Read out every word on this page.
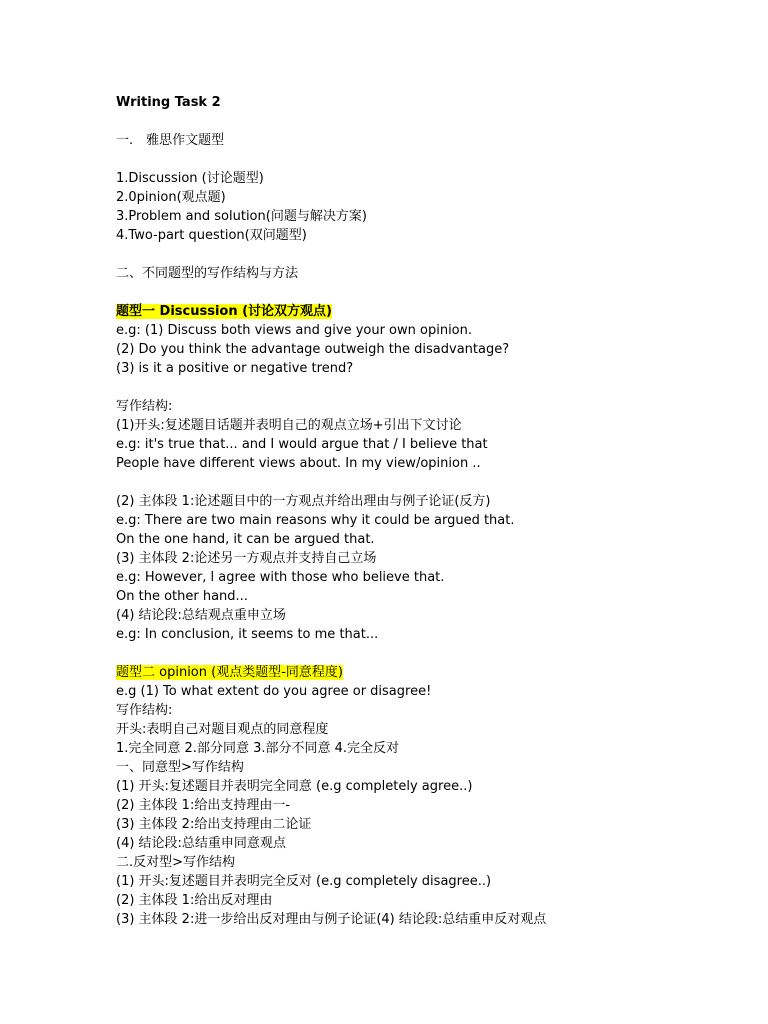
Writing Task 2
一.　雅思作文题型
1.Discussion (讨论题型)
2.0pinion(观点题)
3.Problem and solution(问题与解决方案)
4.Two-part question(双问题型)
二、不同题型的写作结构与方法
题型一 Discussion (讨论双方观点)
e.g: (1) Discuss both views and give your own opinion.
(2) Do you think the advantage outweigh the disadvantage?
(3) is it a positive or negative trend?
写作结构:
(1)开头:复述题目话题并表明自己的观点立场+引出下文讨论
e.g: it's true that... and I would argue that / I believe that
People have different views about. In my view/opinion ..
(2) 主体段 1:论述题目中的一方观点并给出理由与例子论证(反方)
e.g: There are two main reasons why it could be argued that.
On the one hand, it can be argued that.
(3) 主体段 2:论述另一方观点并支持自己立场
e.g: However, l agree with those who believe that.
On the other hand...
(4) 结论段:总结观点重申立场
e.g: In conclusion, it seems to me that...
题型二 opinion (观点类题型-同意程度)
e.g (1) To what extent do you agree or disagree!
写作结构:
开头:表明自己对题目观点的同意程度
1.完全同意 2.部分同意 3.部分不同意 4.完全反对
一、同意型>写作结构
(1) 开头:复述题目并表明完全同意 (e.g completely agree..)
(2) 主体段 1:给出支持理由一-
(3) 主体段 2:给出支持理由二论证
(4) 结论段:总结重申同意观点
二.反对型>写作结构
(1) 开头:复述题目并表明完全反对 (e.g completely disagree..)
(2) 主体段 1:给出反对理由
(3) 主体段 2:进一步给出反对理由与例子论证(4) 结论段:总结重申反对观点
